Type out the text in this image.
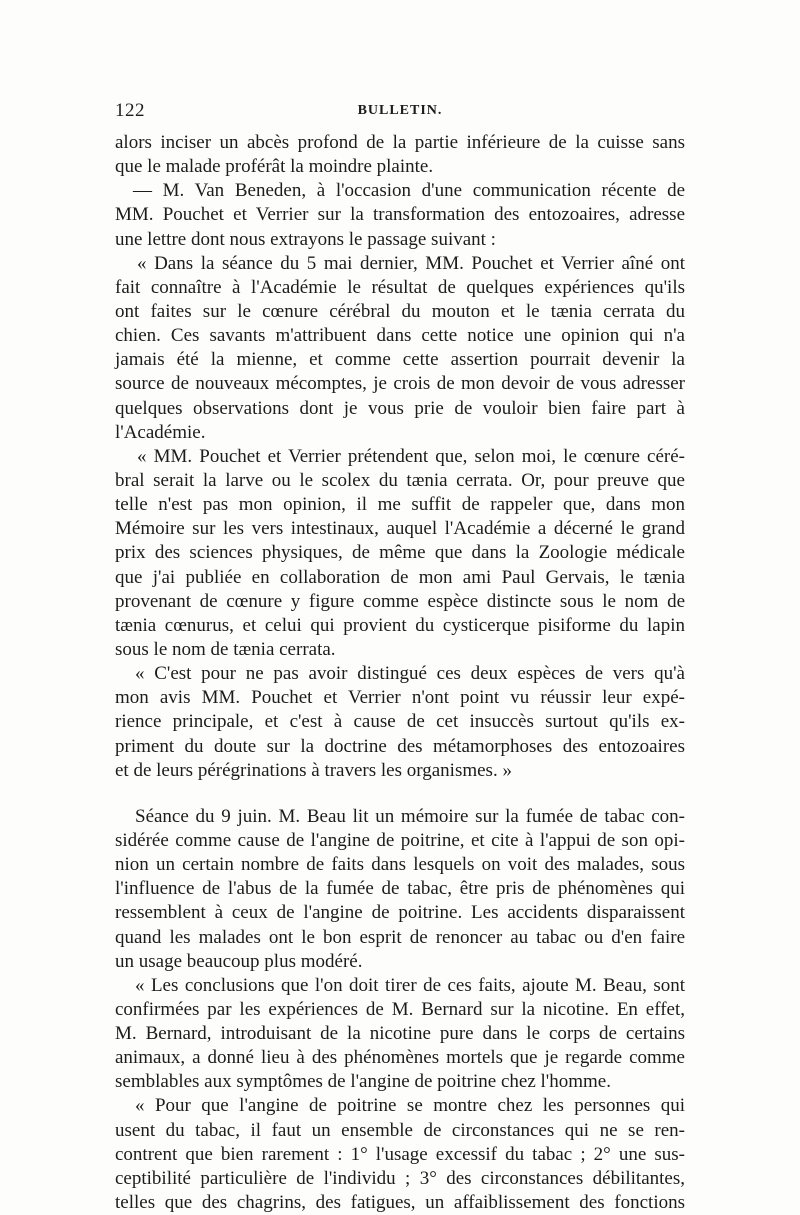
122	BULLETIN.
alors inciser un abcès profond de la partie inférieure de la cuisse sans
que le malade proférât la moindre plainte.
— M. Van Beneden, à l'occasion d'une communication récente de
MM. Pouchet et Verrier sur la transformation des entozoaires, adresse
une lettre dont nous extrayons le passage suivant :
« Dans la séance du 5 mai dernier, MM. Pouchet et Verrier aîné ont
fait connaître à l'Académie le résultat de quelques expériences qu'ils
ont faites sur le cœnure cérébral du mouton et le tænia cerrata du
chien. Ces savants m'attribuent dans cette notice une opinion qui n'a
jamais été la mienne, et comme cette assertion pourrait devenir la
source de nouveaux mécomptes, je crois de mon devoir de vous adresser
quelques observations dont je vous prie de vouloir bien faire part à
l'Académie.
« MM. Pouchet et Verrier prétendent que, selon moi, le cœnure céré-
bral serait la larve ou le scolex du tænia cerrata. Or, pour preuve que
telle n'est pas mon opinion, il me suffit de rappeler que, dans mon
Mémoire sur les vers intestinaux, auquel l'Académie a décerné le grand
prix des sciences physiques, de même que dans la Zoologie médicale
que j'ai publiée en collaboration de mon ami Paul Gervais, le tænia
provenant de cœnure y figure comme espèce distincte sous le nom de
tænia cœnurus, et celui qui provient du cysticerque pisiforme du lapin
sous le nom de tænia cerrata.
« C'est pour ne pas avoir distingué ces deux espèces de vers qu'à
mon avis MM. Pouchet et Verrier n'ont point vu réussir leur expé-
rience principale, et c'est à cause de cet insuccès surtout qu'ils ex-
priment du doute sur la doctrine des métamorphoses des entozoaires
et de leurs pérégrinations à travers les organismes. »
Séance du 9 juin. M. Beau lit un mémoire sur la fumée de tabac con-
sidérée comme cause de l'angine de poitrine, et cite à l'appui de son opi-
nion un certain nombre de faits dans lesquels on voit des malades, sous
l'influence de l'abus de la fumée de tabac, être pris de phénomènes qui
ressemblent à ceux de l'angine de poitrine. Les accidents disparaissent
quand les malades ont le bon esprit de renoncer au tabac ou d'en faire
un usage beaucoup plus modéré.
« Les conclusions que l'on doit tirer de ces faits, ajoute M. Beau, sont
confirmées par les expériences de M. Bernard sur la nicotine. En effet,
M. Bernard, introduisant de la nicotine pure dans le corps de certains
animaux, a donné lieu à des phénomènes mortels que je regarde comme
semblables aux symptômes de l'angine de poitrine chez l'homme.
« Pour que l'angine de poitrine se montre chez les personnes qui
usent du tabac, il faut un ensemble de circonstances qui ne se ren-
contrent que bien rarement : 1° l'usage excessif du tabac ; 2° une sus-
ceptibilité particulière de l'individu ; 3° des circonstances débilitantes,
telles que des chagrins, des fatigues, un affaiblissement des fonctions
